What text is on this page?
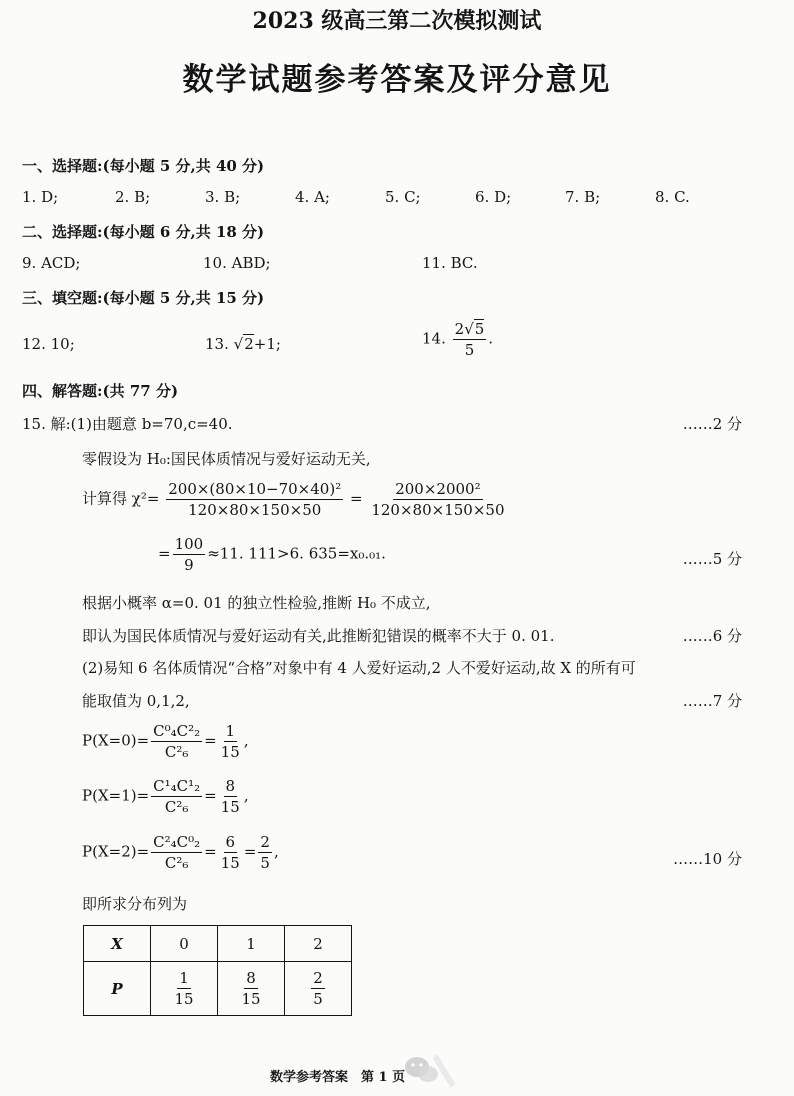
2023 级高三第二次模拟测试
数学试题参考答案及评分意见
一、选择题:(每小题 5 分,共 40 分)
1. D;	2. B;	3. B;	4. A;	5. C;	6. D;	7. B;	8. C.
二、选择题:(每小题 6 分,共 18 分)
9. ACD;	10. ABD;	11. BC.
三、填空题:(每小题 5 分,共 15 分)
12. 10;	13. √2+1;	14. $\frac{2√5}{5}$ .
四、解答题:(共 77 分)
15. 解:(1)由题意 b=70,c=40.	……2 分
零假设为 H₀:国民体质情况与爱好运动无关,
计算得 $\chi^2= \frac{\text{200×(80×10−70×40)²}}{120\times 80\times 150\times 50} = \frac{\text{200×2000²}}{120\times 80\times 150\times 50}$
= $\frac{100}{9} \approx 11$. 111>6. 635=x₀.₀₁.	……5 分
根据小概率 α=0. 01 的独立性检验,推断 H₀ 不成立,
即认为国民体质情况与爱好运动有关,此推断犯错误的概率不大于 0. 01.	……6 分
(2)易知 6 名体质情况“合格”对象中有 4 人爱好运动,2 人不爱好运动,故 X 的所有可
能取值为 0,1,2,	……7 分
$P(X=0)= \frac{\text{C⁰₄C²₂}}{\text{C²₆}} = \frac{1}{15}$ ,
$P(X=1)= \frac{\text{C¹₄C¹₂}}{\text{C²₆}} = \frac{8}{15}$ ,
$P(X=2)= \frac{\text{C²₄C⁰₂}}{\text{C²₆}} = \frac{6}{15} = \frac{2}{5}$ ,	……10 分
即所求分布列为
X	0	1	2
P	$\frac{1}{15}$	$\frac{8}{15}$	$\frac{2}{5}$
数学参考答案　第 1 页
